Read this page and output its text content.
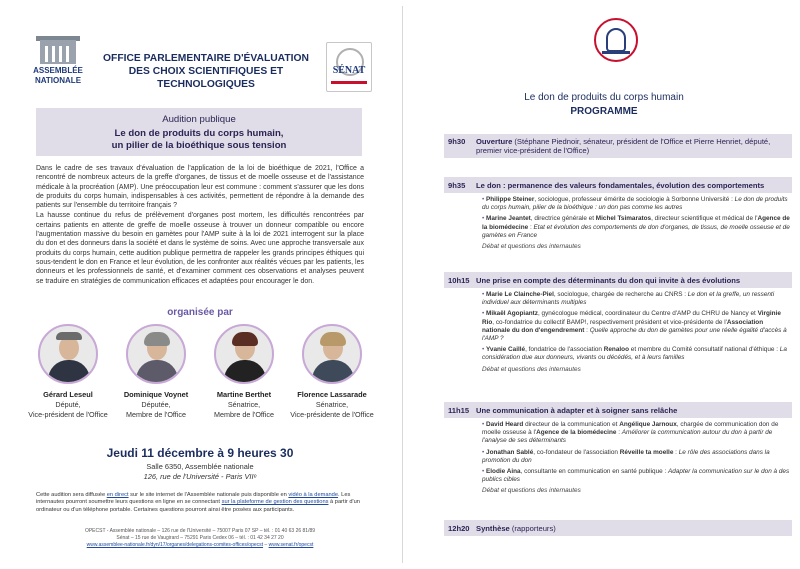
ASSEMBLÉE
NATIONALE
OFFICE PARLEMENTAIRE D'ÉVALUATION
DES CHOIX SCIENTIFIQUES ET TECHNOLOGIQUES
SÉNAT
Audition publique
Le don de produits du corps humain,
un pilier de la bioéthique sous tension

Dans le cadre de ses travaux d'évaluation de l'application de la loi de bioéthique de 2021, l'Office a rencontré de nombreux acteurs de la greffe d'organes, de tissus et de moelle osseuse et de l'assistance médicale à la procréation (AMP). Une préoccupation leur est commune : comment s'assurer que les dons de produits du corps humain, indispensables à ces activités, permettent de répondre à la demande des patients sur l'ensemble du territoire français ?

La hausse continue du refus de prélèvement d'organes post mortem, les difficultés rencontrées par certains patients en attente de greffe de moelle osseuse à trouver un donneur compatible ou encore l'augmentation massive du besoin en gamètes pour l'AMP suite à la loi de 2021 interrogent sur la place du don et des donneurs dans la société et dans le système de soins. Avec une approche transversale aux produits du corps humain, cette audition publique permettra de rappeler les grands principes éthiques qui sous-tendent le don en France et leur évolution, de les confronter aux réalités vécues par les patients, les donneurs et les professionnels de santé, et d'examiner comment ces observations et analyses peuvent se traduire en stratégies de communication efficaces et adaptées pour encourager le don.

organisée par
Gérard Leseul
Député,
Vice-président de l'Office
Dominique Voynet
Députée,
Membre de l'Office
Martine Berthet
Sénatrice,
Membre de l'Office
Florence Lassarade
Sénatrice,
Vice-présidente de l'Office
Jeudi 11 décembre à 9 heures 30
Salle 6350, Assemblée nationale
126, rue de l'Université - Paris VIIᵉ
Cette audition sera diffusée en direct sur le site internet de l'Assemblée nationale puis disponible en vidéo à la demande. Les internautes pourront soumettre leurs questions en ligne en se connectant sur la plateforme de gestion des questions à partir d'un ordinateur ou d'un téléphone portable. Certaines questions pourront ainsi être posées aux participants.
OPECST - Assemblée nationale – 126 rue de l'Université – 75007 Paris 07 SP – tél. : 01 40 63 26 81/89
Sénat – 15 rue de Vaugirard – 75291 Paris Cedex 06 – tél. : 01 42 34 27 20
www.assemblee-nationale.fr/dyn/17/organes/delegations-comites-offices/opecst – www.senat.fr/opecst
Le don de produits du corps humain
PROGRAMME
9h30	Ouverture (Stéphane Piednoir, sénateur, président de l'Office et Pierre Henriet, député, premier vice-président de l'Office)
9h35	Le don : permanence des valeurs fondamentales, évolution des comportements
• Philippe Steiner, sociologue, professeur émérite de sociologie à Sorbonne Université : Le don de produits du corps humain, pilier de la bioéthique : un don pas comme les autres
• Marine Jeantet, directrice générale et Michel Tsimaratos, directeur scientifique et médical de l'Agence de la biomédecine : Etat et évolution des comportements de don d'organes, de tissus, de moelle osseuse et de gamètes en France
Débat et questions des internautes
10h15 Une prise en compte des déterminants du don qui invite à des évolutions
• Marie Le Clainche-Piel, sociologue, chargée de recherche au CNRS : Le don et la greffe, un ressenti individuel aux déterminants multiples
• Mikaël Agopiantz, gynécologue médical, coordinateur du Centre d'AMP du CHRU de Nancy et Virginie Rio, co-fondatrice du collectif BAMP!, respectivement président et vice-présidente de l'Association nationale du don d'engendrement : Quelle approche du don de gamètes pour une réelle égalité d'accès à l'AMP ?
• Yvanie Caillé, fondatrice de l'association Renaloo et membre du Comité consultatif national d'éthique : La considération due aux donneurs, vivants ou décédés, et à leurs familles
Débat et questions des internautes
11h15 Une communication à adapter et à soigner sans relâche
• David Heard directeur de la communication et Angélique Jarnoux, chargée de communication don de moelle osseuse à l'Agence de la biomédecine : Améliorer la communication autour du don à partir de l'analyse de ses déterminants
• Jonathan Sablé, co-fondateur de l'association Réveille ta moelle : Le rôle des associations dans la promotion du don
• Elodie Aina, consultante en communication en santé publique : Adapter la communication sur le don à des publics cibles
Débat et questions des internautes
12h20 Synthèse (rapporteurs)
